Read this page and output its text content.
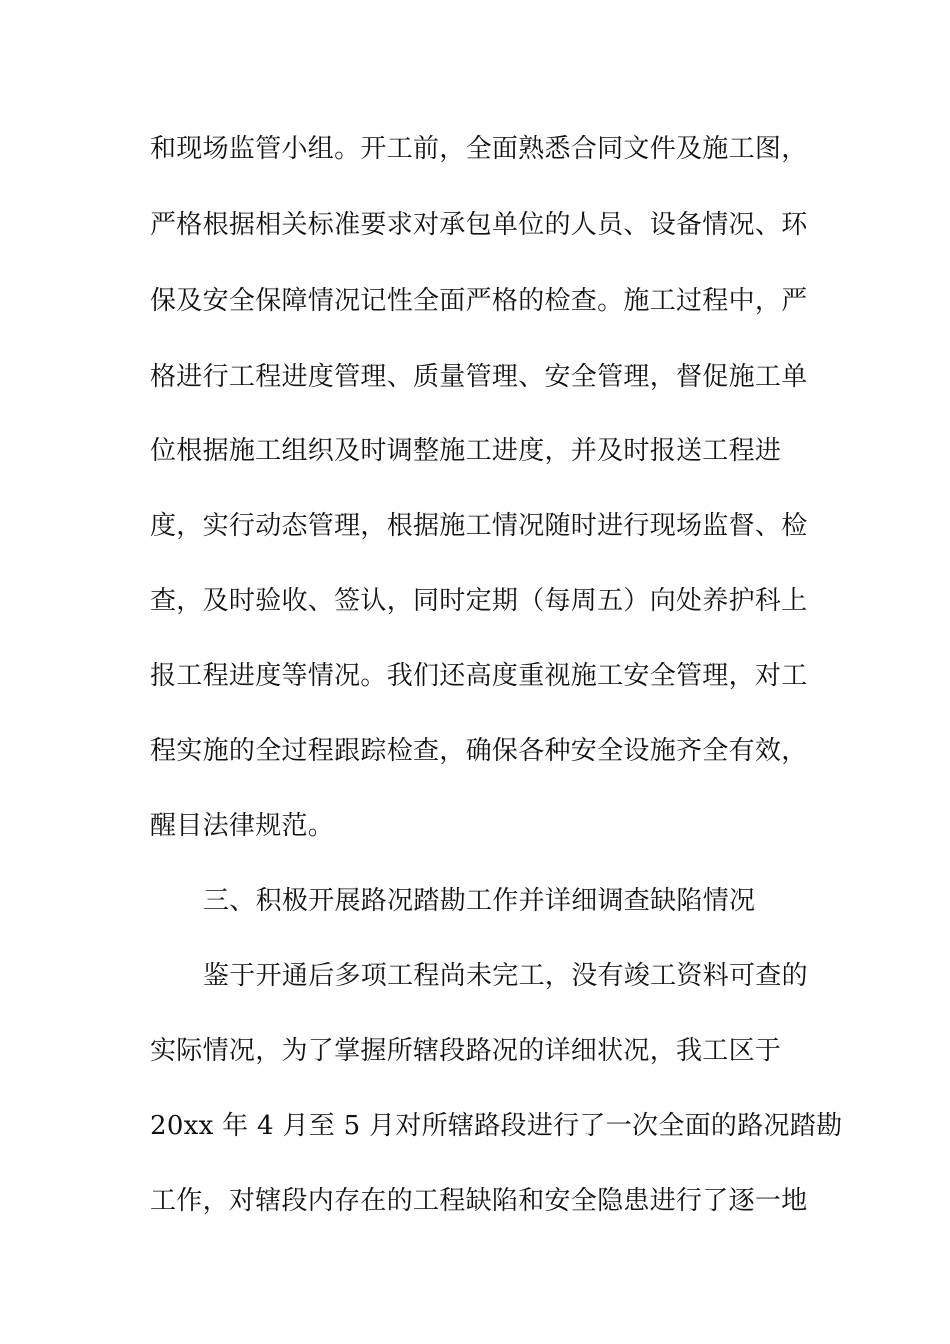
和现场监管小组。开工前，全面熟悉合同文件及施工图，
严格根据相关标准要求对承包单位的人员、设备情况、环
保及安全保障情况记性全面严格的检查。施工过程中，严
格进行工程进度管理、质量管理、安全管理，督促施工单
位根据施工组织及时调整施工进度，并及时报送工程进
度，实行动态管理，根据施工情况随时进行现场监督、检
查，及时验收、签认，同时定期（每周五）向处养护科上
报工程进度等情况。我们还高度重视施工安全管理，对工
程实施的全过程跟踪检查，确保各种安全设施齐全有效，
醒目法律规范。
三、积极开展路况踏勘工作并详细调查缺陷情况
鉴于开通后多项工程尚未完工，没有竣工资料可查的
实际情况，为了掌握所辖段路况的详细状况，我工区于
20xx 年 4 月至 5 月对所辖路段进行了一次全面的路况踏勘
工作，对辖段内存在的工程缺陷和安全隐患进行了逐一地
